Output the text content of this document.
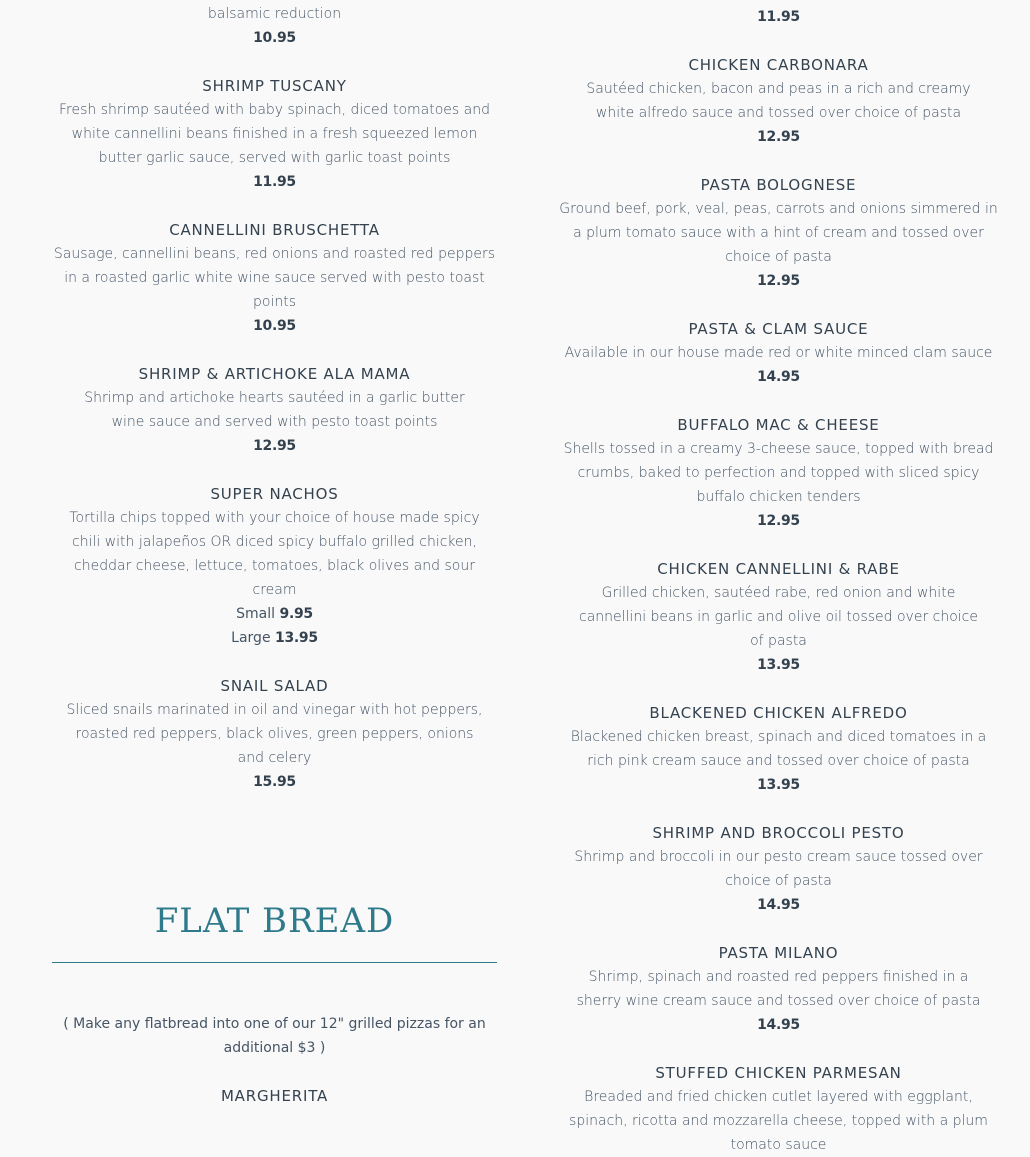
balsamic reduction
10.95
SHRIMP TUSCANY
Fresh shrimp sautéed with baby spinach, diced tomatoes and white cannellini beans finished in a fresh squeezed lemon butter garlic sauce, served with garlic toast points
11.95
CANNELLINI BRUSCHETTA
Sausage, cannellini beans, red onions and roasted red peppers in a roasted garlic white wine sauce served with pesto toast points
10.95
SHRIMP & ARTICHOKE ALA MAMA
Shrimp and artichoke hearts sautéed in a garlic butter wine sauce and served with pesto toast points
12.95
SUPER NACHOS
Tortilla chips topped with your choice of house made spicy chili with jalapeños OR diced spicy buffalo grilled chicken, cheddar cheese, lettuce, tomatoes, black olives and sour cream
Small 9.95
Large 13.95
SNAIL SALAD
Sliced snails marinated in oil and vinegar with hot peppers, roasted red peppers, black olives, green peppers, onions and celery
15.95
FLAT BREAD
( Make any flatbread into one of our 12" grilled pizzas for an additional $3 )
MARGHERITA
11.95
CHICKEN CARBONARA
Sautéed chicken, bacon and peas in a rich and creamy white alfredo sauce and tossed over choice of pasta
12.95
PASTA BOLOGNESE
Ground beef, pork, veal, peas, carrots and onions simmered in a plum tomato sauce with a hint of cream and tossed over choice of pasta
12.95
PASTA & CLAM SAUCE
Available in our house made red or white minced clam sauce
14.95
BUFFALO MAC & CHEESE
Shells tossed in a creamy 3-cheese sauce, topped with bread crumbs, baked to perfection and topped with sliced spicy buffalo chicken tenders
12.95
CHICKEN CANNELLINI & RABE
Grilled chicken, sautéed rabe, red onion and white cannellini beans in garlic and olive oil tossed over choice of pasta
13.95
BLACKENED CHICKEN ALFREDO
Blackened chicken breast, spinach and diced tomatoes in a rich pink cream sauce and tossed over choice of pasta
13.95
SHRIMP AND BROCCOLI PESTO
Shrimp and broccoli in our pesto cream sauce tossed over choice of pasta
14.95
PASTA MILANO
Shrimp, spinach and roasted red peppers finished in a sherry wine cream sauce and tossed over choice of pasta
14.95
STUFFED CHICKEN PARMESAN
Breaded and fried chicken cutlet layered with eggplant, spinach, ricotta and mozzarella cheese, topped with a plum tomato sauce
